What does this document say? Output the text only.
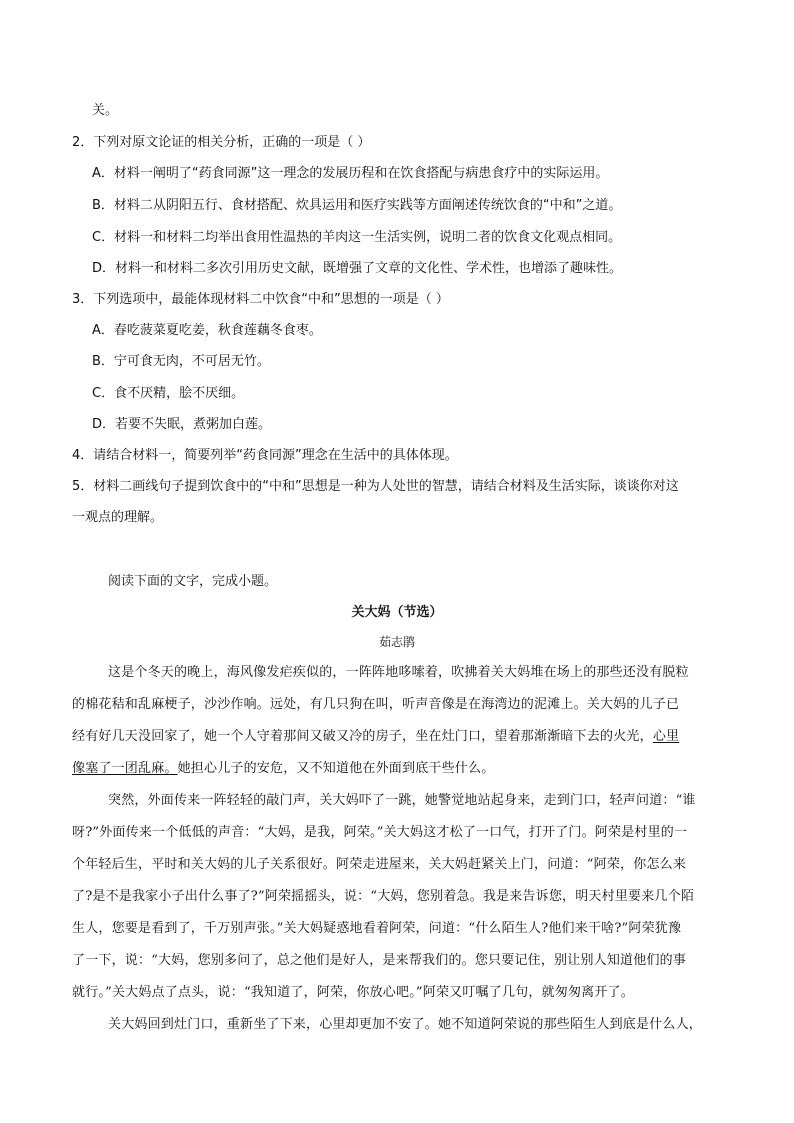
关。
2．下列对原文论证的相关分析，正确的一项是（ ）
A．材料一阐明了“药食同源”这一理念的发展历程和在饮食搭配与病患食疗中的实际运用。
B．材料二从阴阳五行、食材搭配、炊具运用和医疗实践等方面阐述传统饮食的“中和”之道。
C．材料一和材料二均举出食用性温热的羊肉这一生活实例，说明二者的饮食文化观点相同。
D．材料一和材料二多次引用历史文献，既增强了文章的文化性、学术性，也增添了趣味性。
3．下列选项中，最能体现材料二中饮食“中和”思想的一项是（ ）
A．春吃菠菜夏吃姜，秋食莲藕冬食枣。
B．宁可食无肉，不可居无竹。
C．食不厌精，脍不厌细。
D．若要不失眠，煮粥加白莲。
4．请结合材料一，简要列举“药食同源”理念在生活中的具体体现。
5．材料二画线句子提到饮食中的“中和”思想是一种为人处世的智慧，请结合材料及生活实际，谈谈你对这
一观点的理解。
阅读下面的文字，完成小题。
关大妈（节选）
茹志鹃
这是个冬天的晚上，海风像发疟疾似的，一阵阵地哆嗦着，吹拂着关大妈堆在场上的那些还没有脱粒
的棉花秸和乱麻梗子，沙沙作响。远处，有几只狗在叫，听声音像是在海湾边的泥滩上。关大妈的儿子已
经有好几天没回家了，她一个人守着那间又破又冷的房子，坐在灶门口，望着那渐渐暗下去的火光，心里
像塞了一团乱麻。她担心儿子的安危，又不知道他在外面到底干些什么。
突然，外面传来一阵轻轻的敲门声，关大妈吓了一跳，她警觉地站起身来，走到门口，轻声问道：“谁
呀?”外面传来一个低低的声音：“大妈，是我，阿荣。”关大妈这才松了一口气，打开了门。阿荣是村里的一
个年轻后生，平时和关大妈的儿子关系很好。阿荣走进屋来，关大妈赶紧关上门，问道：“阿荣，你怎么来
了?是不是我家小子出什么事了?”阿荣摇摇头，说：“大妈，您别着急。我是来告诉您，明天村里要来几个陌
生人，您要是看到了，千万别声张。”关大妈疑惑地看着阿荣，问道：“什么陌生人?他们来干啥?”阿荣犹豫
了一下，说：“大妈，您别多问了，总之他们是好人，是来帮我们的。您只要记住，别让别人知道他们的事
就行。”关大妈点了点头，说：“我知道了，阿荣，你放心吧。”阿荣又叮嘱了几句，就匆匆离开了。
关大妈回到灶门口，重新坐了下来，心里却更加不安了。她不知道阿荣说的那些陌生人到底是什么人，
